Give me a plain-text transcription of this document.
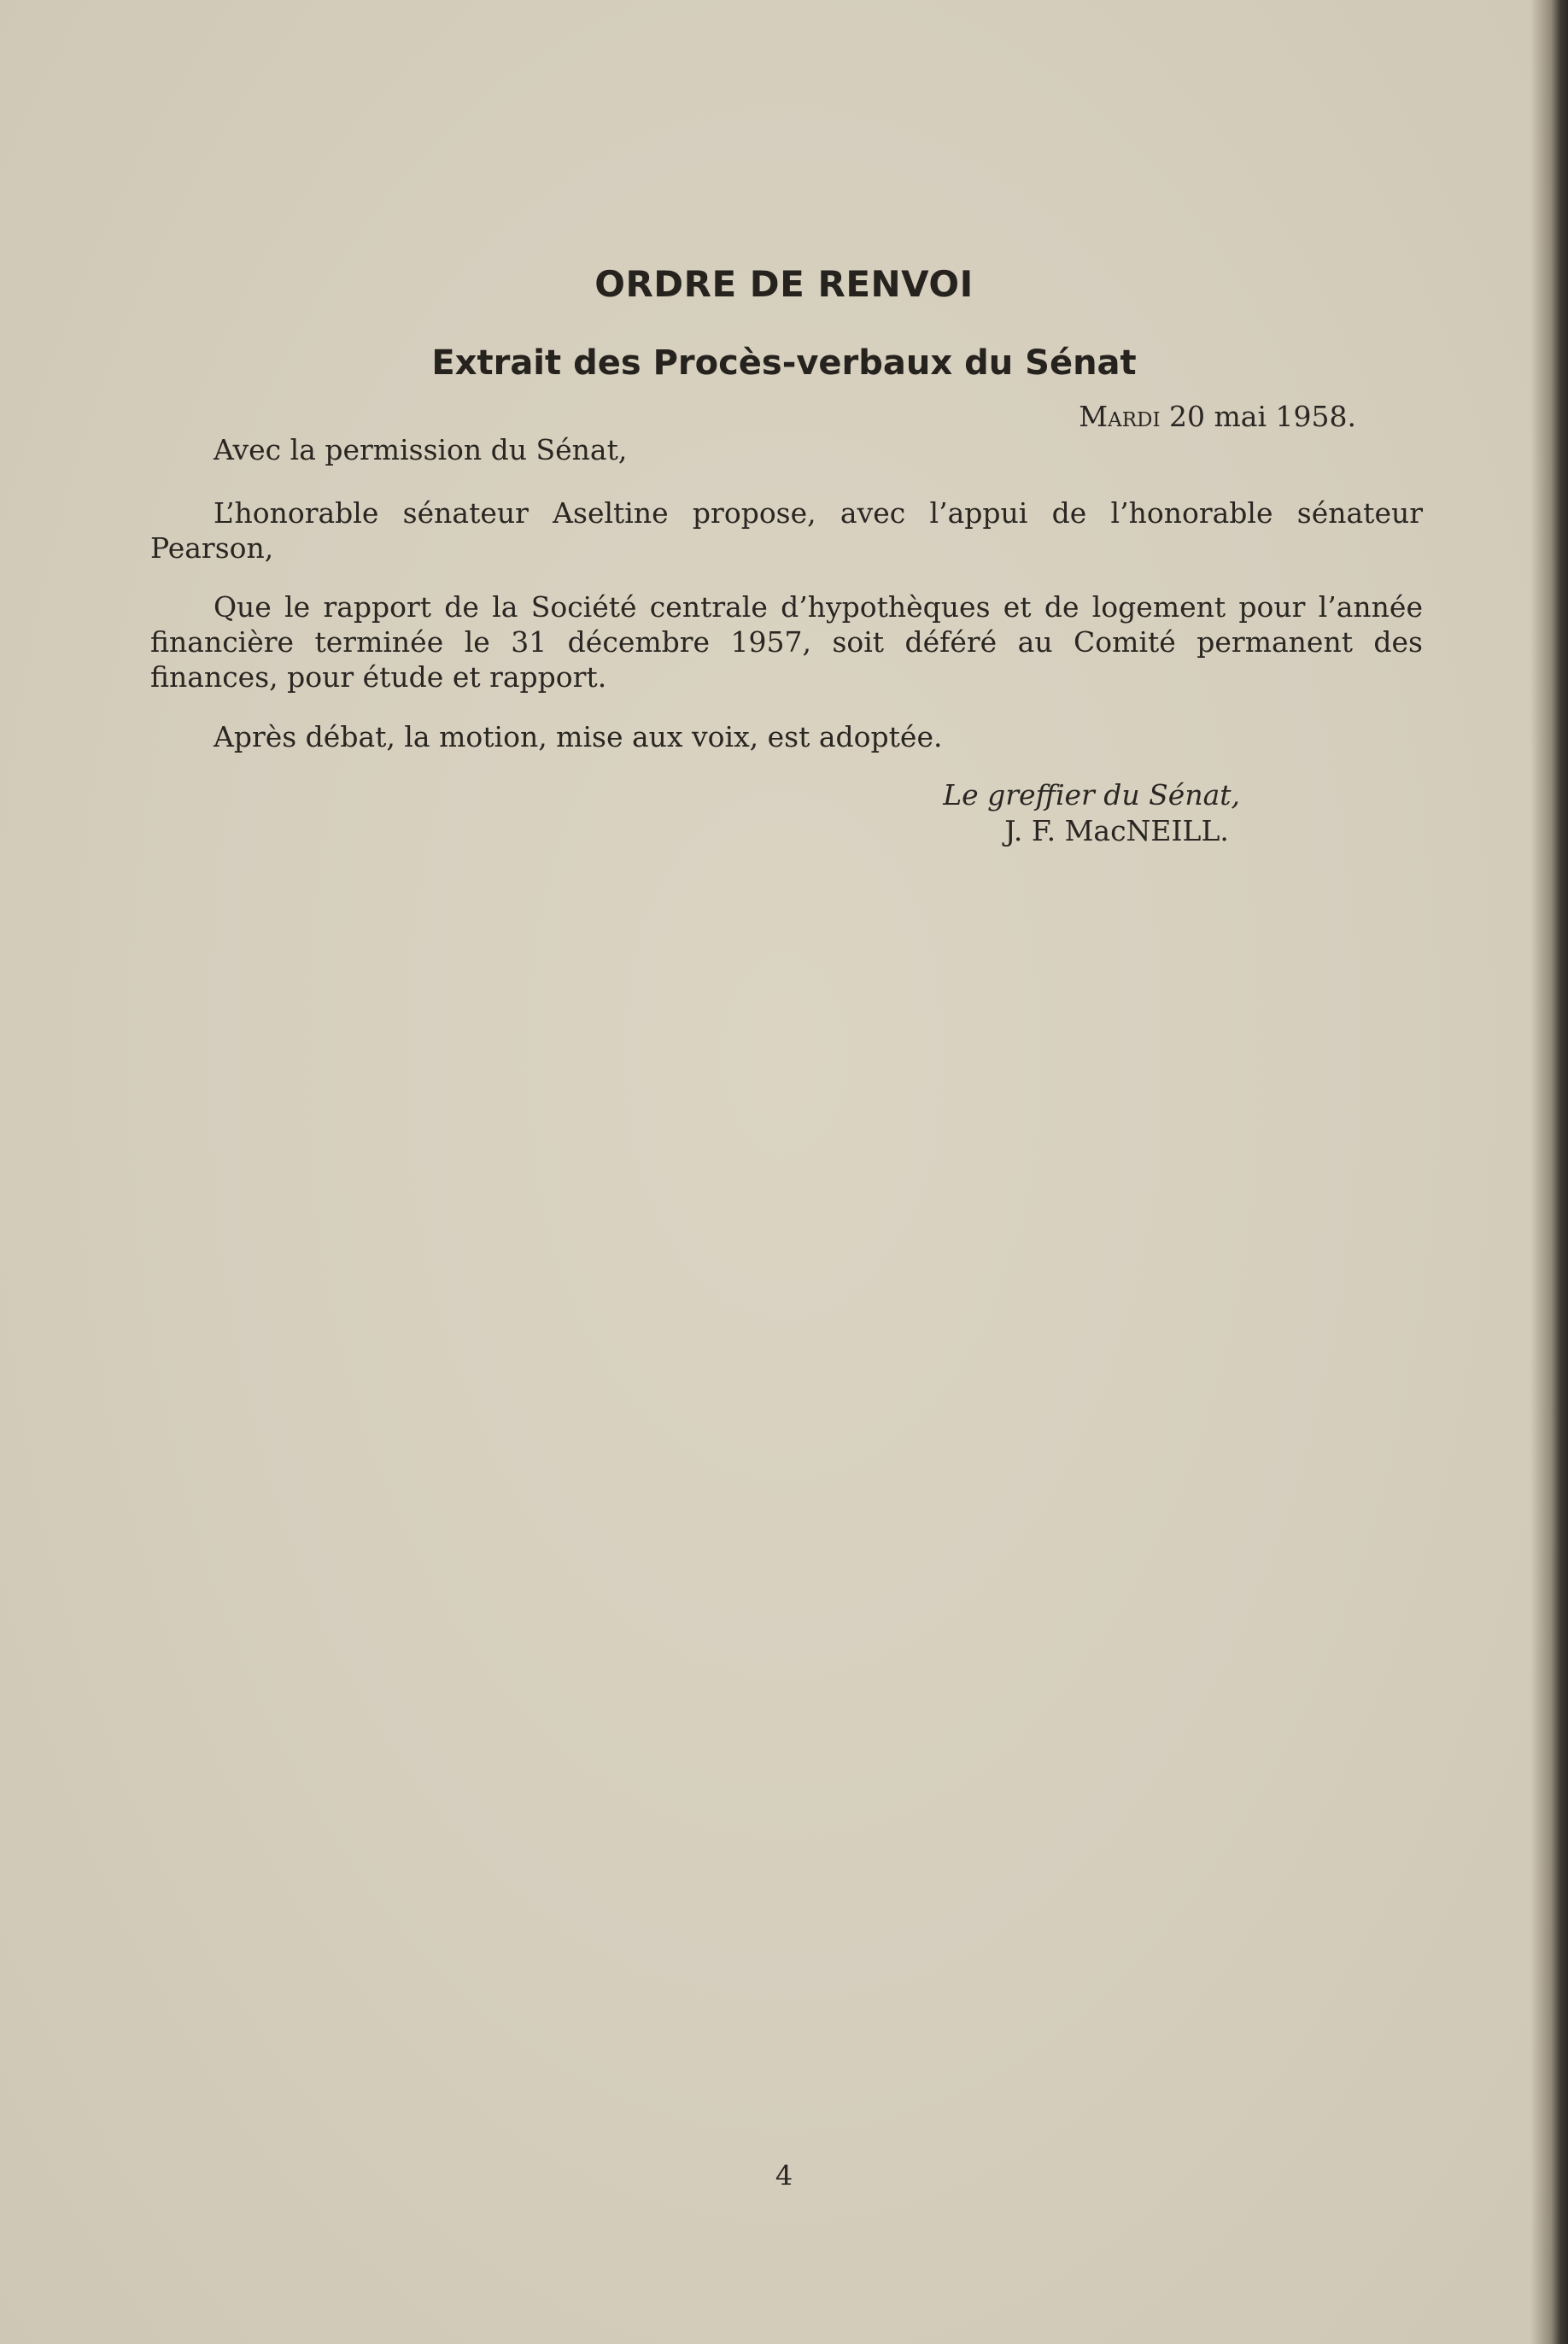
ORDRE DE RENVOI
Extrait des Procès-verbaux du Sénat
Mardi 20 mai 1958.

Avec la permission du Sénat,

L’honorable sénateur Aseltine propose, avec l’appui de l’honorable sénateur Pearson,

Que le rapport de la Société centrale d’hypothèques et de logement pour l’année financière terminée le 31 décembre 1957, soit déféré au Comité permanent des finances, pour étude et rapport.

Après débat, la motion, mise aux voix, est adoptée.

Le greffier du Sénat,
J. F. MacNEILL.
4
